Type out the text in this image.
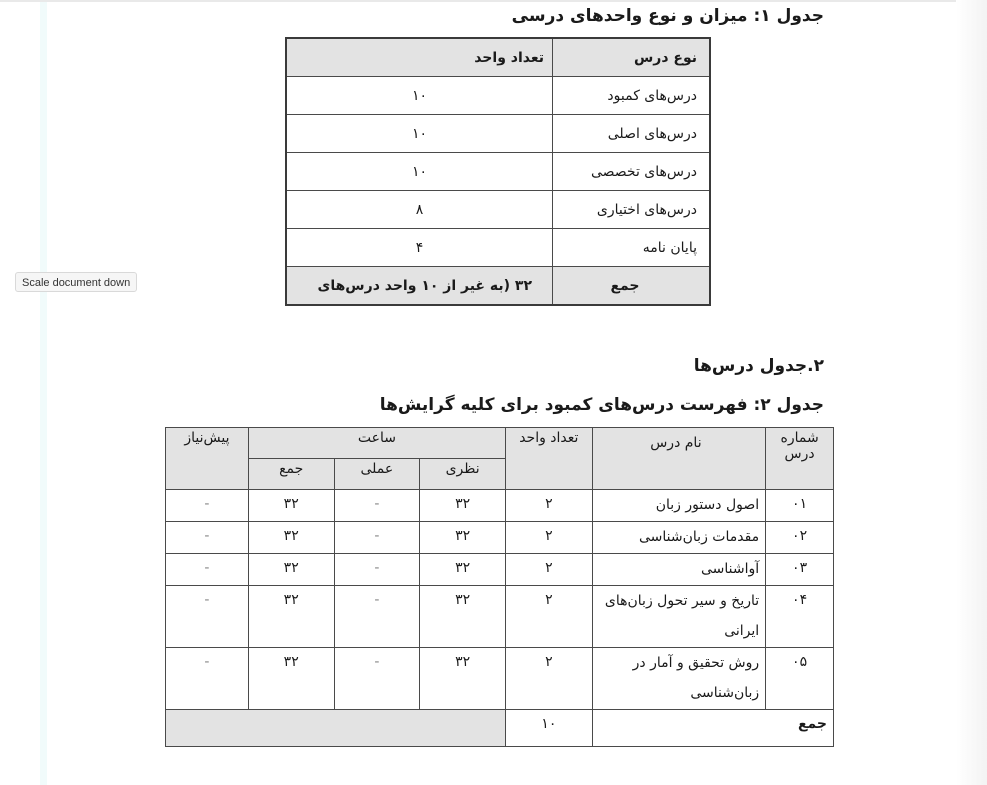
Scale document down
جدول ۱: میزان و نوع واحدهای درسی
نوع درس	تعداد واحد
درس‌های کمبود	۱۰
درس‌های اصلی	۱۰
درس‌های تخصصی	۱۰
درس‌های اختیاری	۸
پایان نامه	۴
جمع	۳۲ (به غیر از ۱۰ واحد درس‌های
۲.جدول درس‌ها
جدول ۲: فهرست درس‌های کمبود برای کلیه گرایش‌ها
شماره درس	نام درس	تعداد واحد	ساعت			پیش‌نیاز
			نظری	عملی	جمع	
۰۱	اصول دستور زبان	۲	۳۲	-	۳۲	-
۰۲	مقدمات زبان‌شناسی	۲	۳۲	-	۳۲	-
۰۳	آواشناسی	۲	۳۲	-	۳۲	-
۰۴	تاریخ و سیر تحول زبان‌های ایرانی	۲	۳۲	-	۳۲	-
۰۵	روش تحقیق و آمار در زبان‌شناسی	۲	۳۲	-	۳۲	-
جمع		۱۰				
